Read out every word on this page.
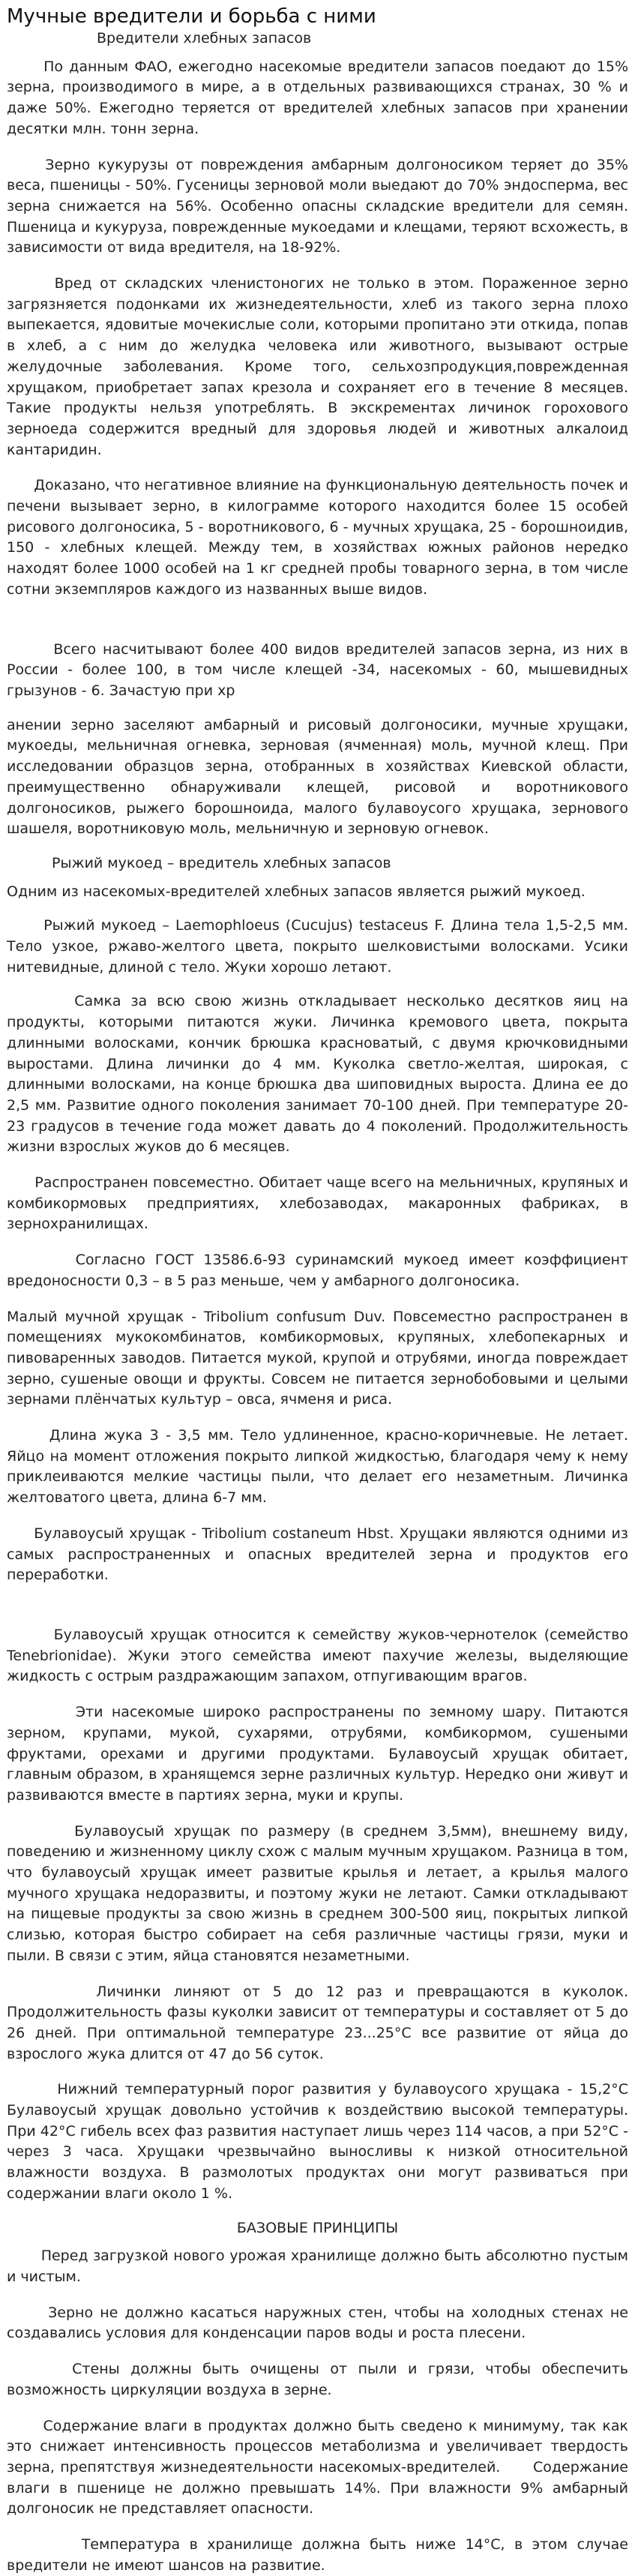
Мучные вредители и борьба с ними
Вредители хлебных запасов

По данным ФАО, ежегодно насекомые вредители запасов поедают до 15% зерна, производимого в мире, а в отдельных развивающихся странах, 30 % и даже 50%. Ежегодно теряется от вредителей хлебных запасов при хранении десятки млн. тонн зерна.

Зерно кукурузы от повреждения амбарным долгоносиком теряет до 35% веса, пшеницы - 50%. Гусеницы зерновой моли выедают до 70% эндосперма, вес зерна снижается на 56%. Особенно опасны складские вредители для семян. Пшеница и кукуруза, поврежденные мукоедами и клещами, теряют всхожесть, в зависимости от вида вредителя, на 18-92%.

Вред от складских членистоногих не только в этом. Пораженное зерно загрязняется подонками их жизнедеятельности, хлеб из такого зерна плохо выпекается, ядовитые мочекислые соли, которыми пропитано эти откида, попав в хлеб, а с ним до желудка человека или животного, вызывают острые желудочные заболевания. Кроме того, сельхозпродукция,поврежденная хрущаком, приобретает запах крезола и сохраняет его в течение 8 месяцев. Такие продукты нельзя употреблять. В экскрементах личинок горохового зерноеда содержится вредный для здоровья людей и животных алкалоид кантаридин.

Доказано, что негативное влияние на функциональную деятельность почек и печени вызывает зерно, в килограмме которого находится более 15 особей рисового долгоносика, 5 - воротникового, 6 - мучных хрущака, 25 - борошноидив, 150 - хлебных клещей. Между тем, в хозяйствах южных районов нередко находят более 1000 особей на 1 кг средней пробы товарного зерна, в том числе сотни экземпляров каждого из названных выше видов.

Всего насчитывают более 400 видов вредителей запасов зерна, из них в России - более 100, в том числе клещей -34, насекомых - 60, мышевидных грызунов - 6. Зачастую при хр

анении зерно заселяют амбарный и рисовый долгоносики, мучные хрущаки, мукоеды, мельничная огневка, зерновая (ячменная) моль, мучной клещ. При исследовании образцов зерна, отобранных в хозяйствах Киевской области, преимущественно обнаруживали клещей, рисовой и воротникового долгоносиков, рыжего борошноида, малого булавоусого хрущака, зернового шашеля, воротниковую моль, мельничную и зерновую огневок.

Рыжий мукоед – вредитель хлебных запасов

Одним из насекомых-вредителей хлебных запасов является рыжий мукоед.

Рыжий мукоед – Laemophloeus (Cucujus) testaceus F. Длина тела 1,5-2,5 мм. Тело узкое, ржаво-желтого цвета, покрыто шелковистыми волосками. Усики нитевидные, длиной с тело. Жуки хорошо летают.

Самка за всю свою жизнь откладывает несколько десятков яиц на продукты, которыми питаются жуки. Личинка кремового цвета, покрыта длинными волосками, кончик брюшка красноватый, с двумя крючковидными выростами. Длина личинки до 4 мм. Куколка светло-желтая, широкая, с длинными волосками, на конце брюшка два шиповидных выроста. Длина ее до 2,5 мм. Развитие одного поколения занимает 70-100 дней. При температуре 20-23 градусов в течение года может давать до 4 поколений. Продолжительность жизни взрослых жуков до 6 месяцев.

Распространен повсеместно. Обитает чаще всего на мельничных, крупяных и комбикормовых предприятиях, хлебозаводах, макаронных фабриках, в зернохранилищах.

Согласно ГОСТ 13586.6-93 суринамский мукоед имеет коэффициент вредоносности 0,3 – в 5 раз меньше, чем у амбарного долгоносика.

Малый мучной хрущак - Tribolium confusum Duv. Повсеместно распространен в помещениях мукокомбинатов, комбикормовых, крупяных, хлебопекарных и пивоваренных заводов. Питается мукой, крупой и отрубями, иногда повреждает зерно, сушеные овощи и фрукты. Совсем не питается зернобобовыми и целыми зернами плёнчатых культур – овса, ячменя и риса.

Длина жука 3 - 3,5 мм. Тело удлиненное, красно-коричневые. Не летает. Яйцо на момент отложения покрыто липкой жидкостью, благодаря чему к нему приклеиваются мелкие частицы пыли, что делает его незаметным. Личинка желтоватого цвета, длина 6-7 мм.

Булавоусый хрущак - Tribolium costaneum Hbst. Хрущаки являются одними из самых распространенных и опасных вредителей зерна и продуктов его переработки.

Булавоусый хрущак относится к семейству жуков-чернотелок (семейство Tenebrionidae). Жуки этого семейства имеют пахучие железы, выделяющие жидкость с острым раздражающим запахом, отпугивающим врагов.

Эти насекомые широко распространены по земному шару. Питаются зерном, крупами, мукой, сухарями, отрубями, комбикормом, сушеными фруктами, орехами и другими продуктами. Булавоусый хрущак обитает, главным образом, в хранящемся зерне различных культур. Нередко они живут и развиваются вместе в партиях зерна, муки и крупы.

Булавоусый хрущак по размеру (в среднем 3,5мм), внешнему виду, поведению и жизненному циклу схож с малым мучным хрущаком. Разница в том, что булавоусый хрущак имеет развитые крылья и летает, а крылья малого мучного хрущака недоразвиты, и поэтому жуки не летают. Самки откладывают на пищевые продукты за свою жизнь в среднем 300-500 яиц, покрытых липкой слизью, которая быстро собирает на себя различные частицы грязи, муки и пыли. В связи с этим, яйца становятся незаметными.

Личинки линяют от 5 до 12 раз и превращаются в куколок. Продолжительность фазы куколки зависит от температуры и составляет от 5 до 26 дней. При оптимальной температуре 23...25°С все развитие от яйца до взрослого жука длится от 47 до 56 суток.

Нижний температурный порог развития у булавоусого хрущака - 15,2°С Булавоусый хрущак довольно устойчив к воздействию высокой температуры. При 42°С гибель всех фаз развития наступает лишь через 114 часов, а при 52°С - через 3 часа. Хрущаки чрезвычайно выносливы к низкой относительной влажности воздуха. В размолотых продуктах они могут развиваться при содержании влаги около 1 %.

БАЗОВЫЕ ПРИНЦИПЫ

Перед загрузкой нового урожая хранилище должно быть абсолютно пустым и чистым.

Зерно не должно касаться наружных стен, чтобы на холодных стенах не создавались условия для конденсации паров воды и роста плесени.

Стены должны быть очищены от пыли и грязи, чтобы обеспечить возможность циркуляции воздуха в зерне.

Содержание влаги в продуктах должно быть сведено к минимуму, так как это снижает интенсивность процессов метаболизма и увеличивает твердость зерна, препятствуя жизнедеятельности насекомых-вредителей.      Содержание влаги в пшенице не должно превышать 14%. При влажности 9% амбарный долгоносик не представляет опасности.

Температура в хранилище должна быть ниже 14°С, в этом случае вредители не имеют шансов на развитие.
